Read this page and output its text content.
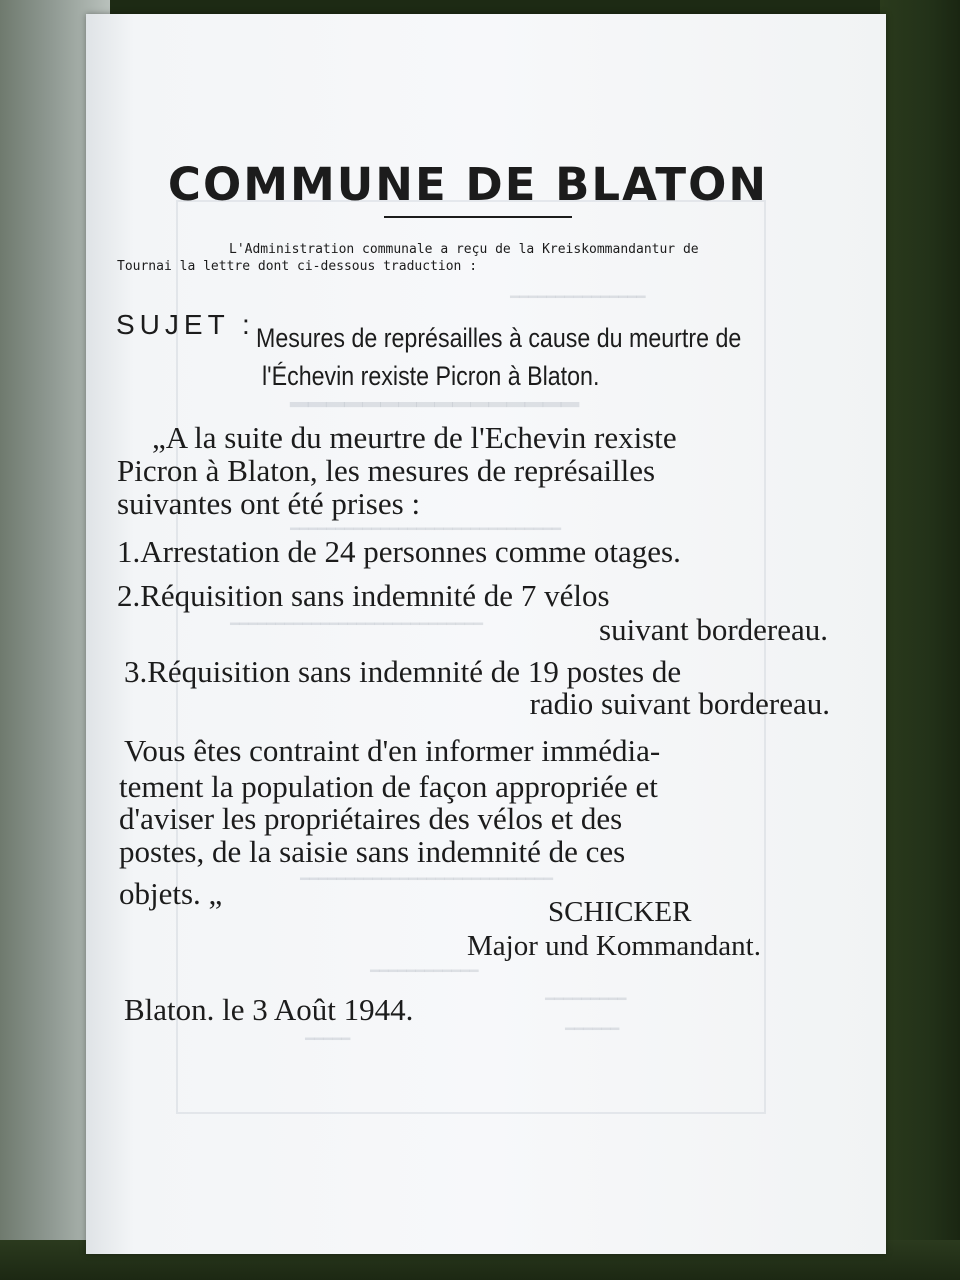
━━━━━━━━━━━━━━━
━━━━━━━━━━━━━━━━
━━━━━━━━━━━━━━━━━━━━━━━━━━━━━━
━━━━━━━━━━━━━━━━━━━━━━━━━━━━
━━━━━━━━━━━━━━━━━━━━━━━━━━━━
━━━━━━━━━━━━
━━━━━━━━━
━━━━━
━━━━━━
COMMUNE DE BLATON
L'Administration communale a reçu de la Kreiskommandantur de
Tournai la lettre dont ci-dessous traduction :
SUJET : Mesures de représailles à cause du meurtre de
l'Échevin rexiste Picron à Blaton.
„A la suite du meurtre de l'Echevin rexiste
Picron à Blaton, les mesures de représailles
suivantes ont été prises :
1.Arrestation de 24 personnes comme otages.
2.Réquisition sans indemnité de 7 vélos
suivant bordereau.
3.Réquisition sans indemnité de 19 postes de
radio suivant bordereau.
Vous êtes contraint d'en informer immédia-
tement la population de façon appropriée et
d'aviser les propriétaires des vélos et des
postes, de la saisie sans indemnité de ces
objets. „
SCHICKER
Major und Kommandant.
Blaton. le 3 Août 1944.
